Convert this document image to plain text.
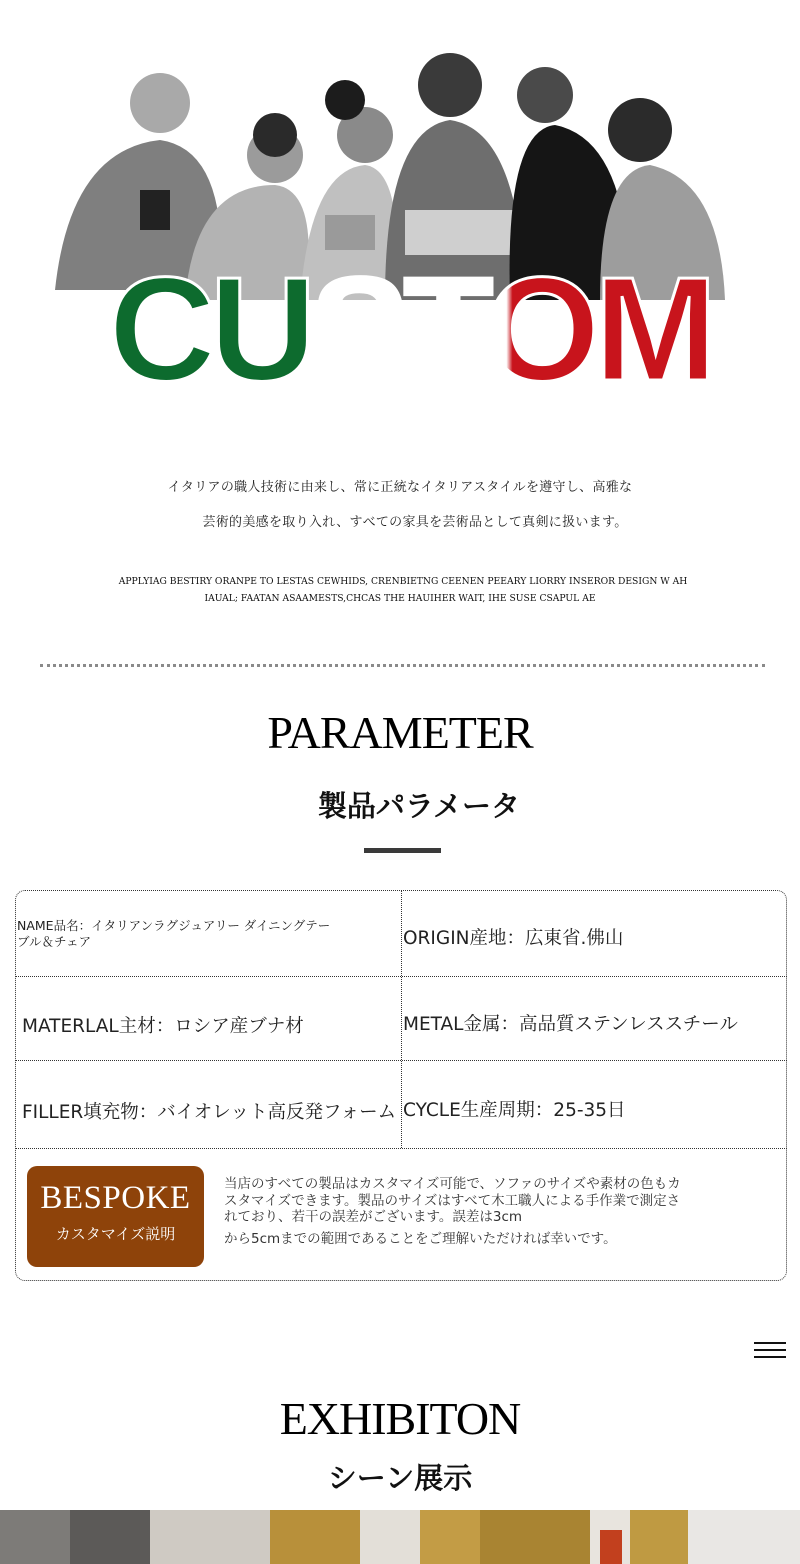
CUSTOM
イタリアの職人技術に由来し、常に正統なイタリアスタイルを遵守し、高雅な
芸術的美感を取り入れ、すべての家具を芸術品として真剣に扱います。
APPLYIAG BESTIRY ORANPE TO LESTAS CEWHIDS, CRENBIETNG CEENEN PEEARY LIORRY INSEROR DESIGN W AH
IAUAL; FAATAN ASAAMESTS,CHCAS THE HAUIHER WAIT, IHE SUSE CSAPUL AE
PARAMETER
製品パラメータ
NAME品名：イタリアンラグジュアリー ダイニングテーブル＆チェア	ORIGIN産地：広東省.佛山
MATERLAL主材：ロシア産ブナ材	METAL金属：高品質ステンレススチール
FILLER填充物：バイオレット高反発フォーム CYCLE生産周期：25-35日
BESPOKE
カスタマイズ説明
当店のすべての製品はカスタマイズ可能で、ソファのサイズや素材の色もカスタマイズできます。製品のサイズはすべて木工職人による手作業で測定されており、若干の誤差がございます。誤差は3cm
から5cmまでの範囲であることをご理解いただければ幸いです。
EXHIBITON
シーン展示
